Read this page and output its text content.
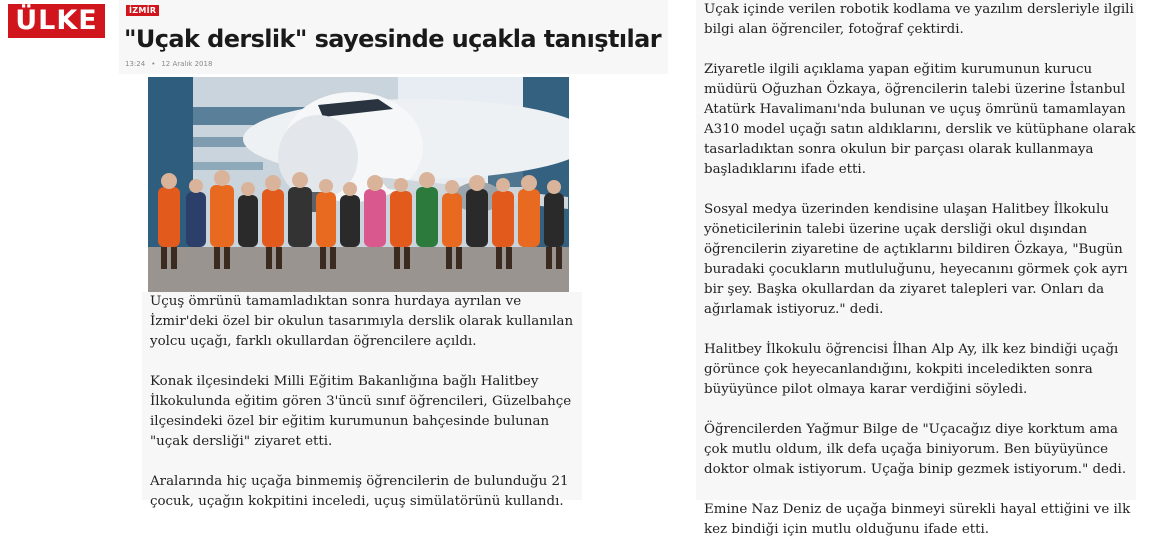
ÜLKE	İZMİR
"Uçak derslik" sayesinde uçakla tanıştılar
13:24 • 12 Aralık 2018

Uçuş ömrünü tamamladıktan sonra hurdaya ayrılan ve İzmir'deki özel bir okulun tasarımıyla derslik olarak kullanılan yolcu uçağı, farklı okullardan öğrencilere açıldı.

Konak ilçesindeki Milli Eğitim Bakanlığına bağlı Halitbey İlkokulunda eğitim gören 3'üncü sınıf öğrencileri, Güzelbahçe ilçesindeki özel bir eğitim kurumunun bahçesinde bulunan "uçak dersliği" ziyaret etti.

Aralarında hiç uçağa binmemiş öğrencilerin de bulunduğu 21 çocuk, uçağın kokpitini inceledi, uçuş simülatörünü kullandı.

Uçak içinde verilen robotik kodlama ve yazılım dersleriyle ilgili bilgi alan öğrenciler, fotoğraf çektirdi.

Ziyaretle ilgili açıklama yapan eğitim kurumunun kurucu müdürü Oğuzhan Özkaya, öğrencilerin talebi üzerine İstanbul Atatürk Havalimanı'nda bulunan ve uçuş ömrünü tamamlayan A310 model uçağı satın aldıklarını, derslik ve kütüphane olarak tasarladıktan sonra okulun bir parçası olarak kullanmaya başladıklarını ifade etti.

Sosyal medya üzerinden kendisine ulaşan Halitbey İlkokulu yöneticilerinin talebi üzerine uçak dersliği okul dışından öğrencilerin ziyaretine de açtıklarını bildiren Özkaya, "Bugün buradaki çocukların mutluluğunu, heyecanını görmek çok ayrı bir şey. Başka okullardan da ziyaret talepleri var. Onları da ağırlamak istiyoruz." dedi.

Halitbey İlkokulu öğrencisi İlhan Alp Ay, ilk kez bindiği uçağı görünce çok heyecanlandığını, kokpiti inceledikten sonra büyüyünce pilot olmaya karar verdiğini söyledi.

Öğrencilerden Yağmur Bilge de "Uçacağız diye korktum ama çok mutlu oldum, ilk defa uçağa biniyorum. Ben büyüyünce doktor olmak istiyorum. Uçağa binip gezmek istiyorum." dedi.

Emine Naz Deniz de uçağa binmeyi sürekli hayal ettiğini ve ilk kez bindiği için mutlu olduğunu ifade etti.
